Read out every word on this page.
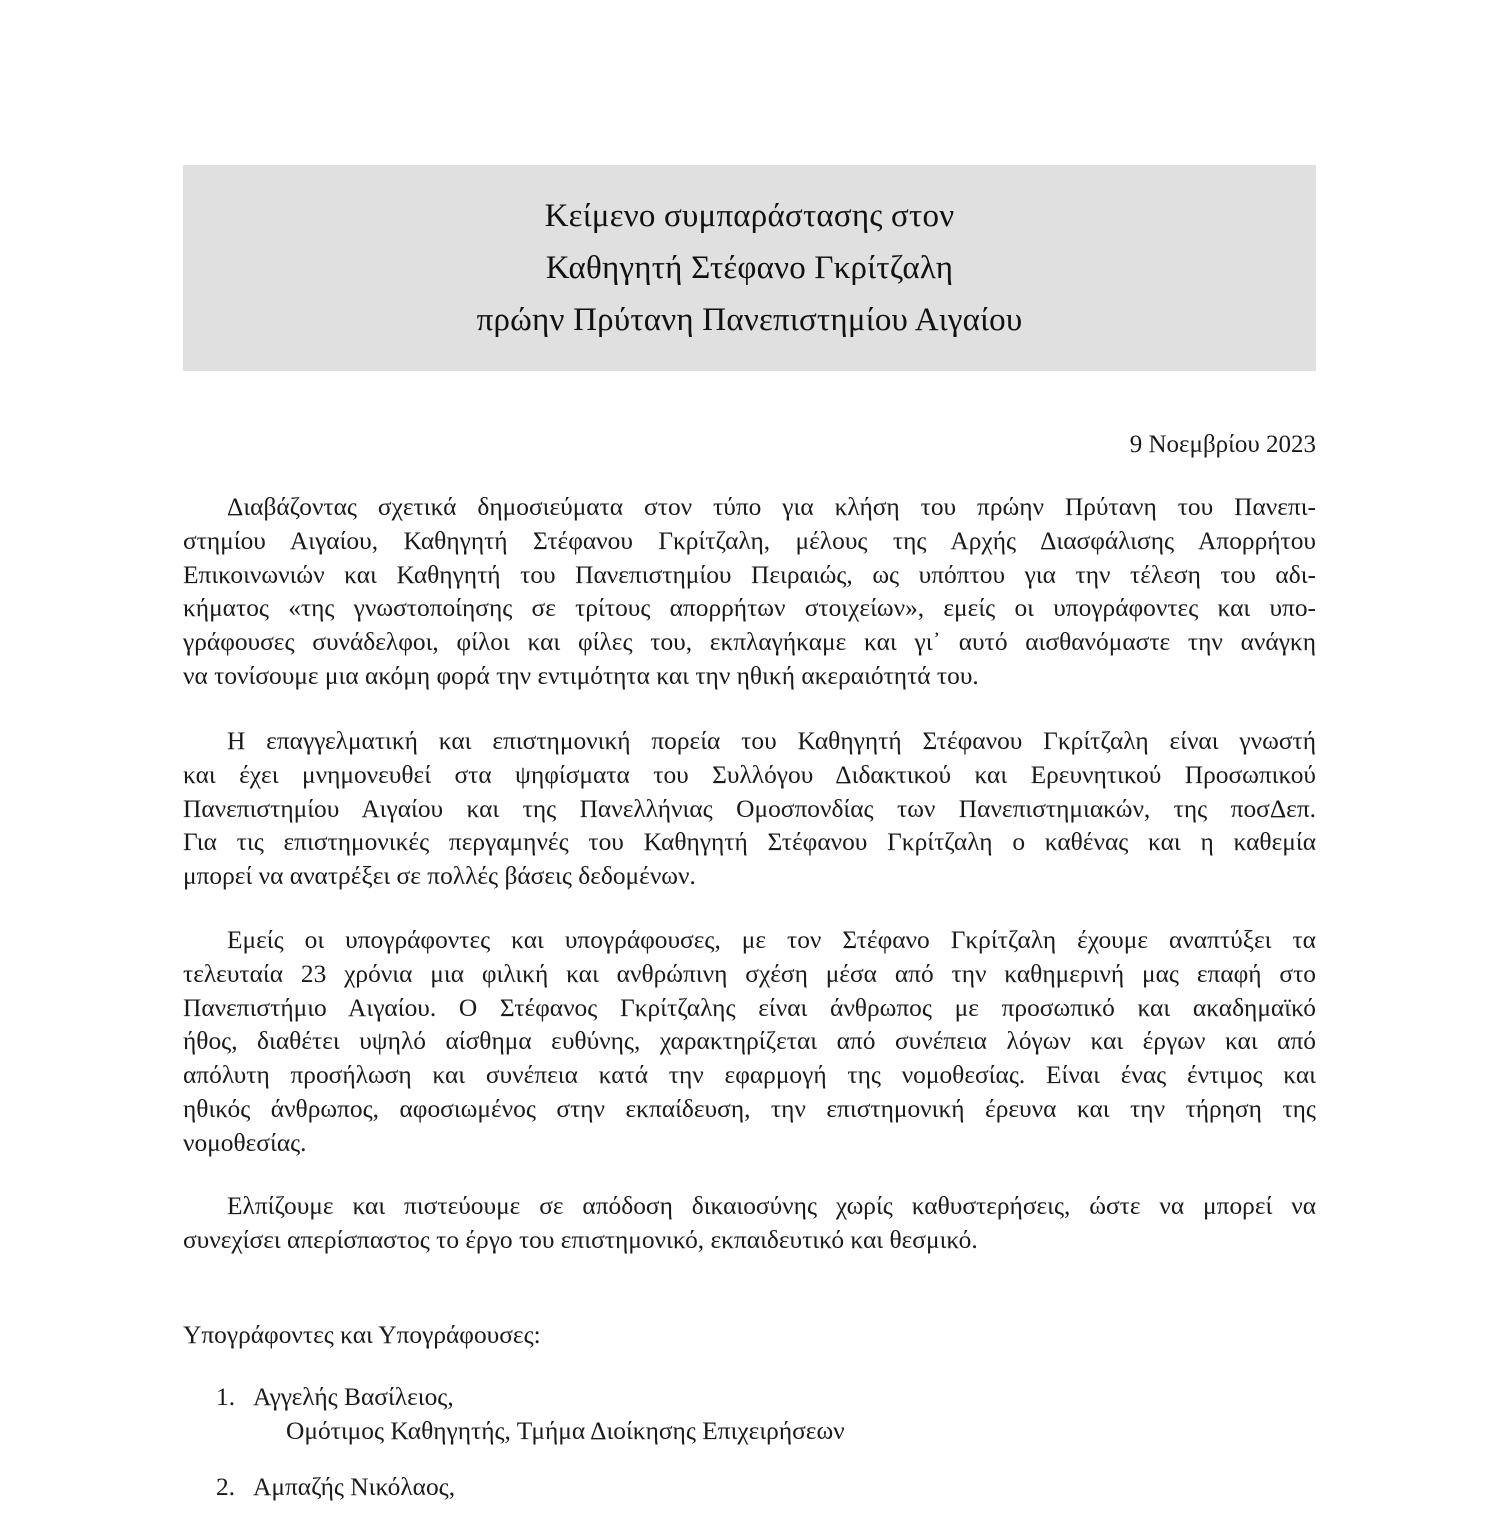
Κείμενο συμπαράστασης στον
Καθηγητή Στέφανο Γκρίτζαλη
πρώην Πρύτανη Πανεπιστημίου Αιγαίου
9 Νοεμβρίου 2023
Διαβάζοντας σχετικά δημοσιεύματα στον τύπο για κλήση του πρώην Πρύτανη του Πανεπι-
στημίου Αιγαίου, Καθηγητή Στέφανου Γκρίτζαλη, μέλους της Αρχής Διασφάλισης Απορρήτου
Επικοινωνιών και Καθηγητή του Πανεπιστημίου Πειραιώς, ως υπόπτου για την τέλεση του αδι-
κήματος «της γνωστοποίησης σε τρίτους απορρήτων στοιχείων», εμείς οι υπογράφοντες και υπο-
γράφουσες συνάδελφοι, φίλοι και φίλες του, εκπλαγήκαμε και γι᾽ αυτό αισθανόμαστε την ανάγκη
να τονίσουμε μια ακόμη φορά την εντιμότητα και την ηθική ακεραιότητά του.
Η επαγγελματική και επιστημονική πορεία του Καθηγητή Στέφανου Γκρίτζαλη είναι γνωστή
και έχει μνημονευθεί στα ψηφίσματα του Συλλόγου Διδακτικού και Ερευνητικού Προσωπικού
Πανεπιστημίου Αιγαίου και της Πανελλήνιας Ομοσπονδίας των Πανεπιστημιακών, της ποσΔεπ.
Για τις επιστημονικές περγαμηνές του Καθηγητή Στέφανου Γκρίτζαλη ο καθένας και η καθεμία
μπορεί να ανατρέξει σε πολλές βάσεις δεδομένων.
Εμείς οι υπογράφοντες και υπογράφουσες, με τον Στέφανο Γκρίτζαλη έχουμε αναπτύξει τα
τελευταία 23 χρόνια μια φιλική και ανθρώπινη σχέση μέσα από την καθημερινή μας επαφή στο
Πανεπιστήμιο Αιγαίου. Ο Στέφανος Γκρίτζαλης είναι άνθρωπος με προσωπικό και ακαδημαϊκό
ήθος, διαθέτει υψηλό αίσθημα ευθύνης, χαρακτηρίζεται από συνέπεια λόγων και έργων και από
απόλυτη προσήλωση και συνέπεια κατά την εφαρμογή της νομοθεσίας. Είναι ένας έντιμος και
ηθικός άνθρωπος, αφοσιωμένος στην εκπαίδευση, την επιστημονική έρευνα και την τήρηση της
νομοθεσίας.
Ελπίζουμε και πιστεύουμε σε απόδοση δικαιοσύνης χωρίς καθυστερήσεις, ώστε να μπορεί να
συνεχίσει απερίσπαστος το έργο του επιστημονικό, εκπαιδευτικό και θεσμικό.
Υπογράφοντες και Υπογράφουσες:
1. Αγγελής Βασίλειος,
Ομότιμος Καθηγητής, Τμήμα Διοίκησης Επιχειρήσεων
2. Αμπαζής Νικόλαος,
